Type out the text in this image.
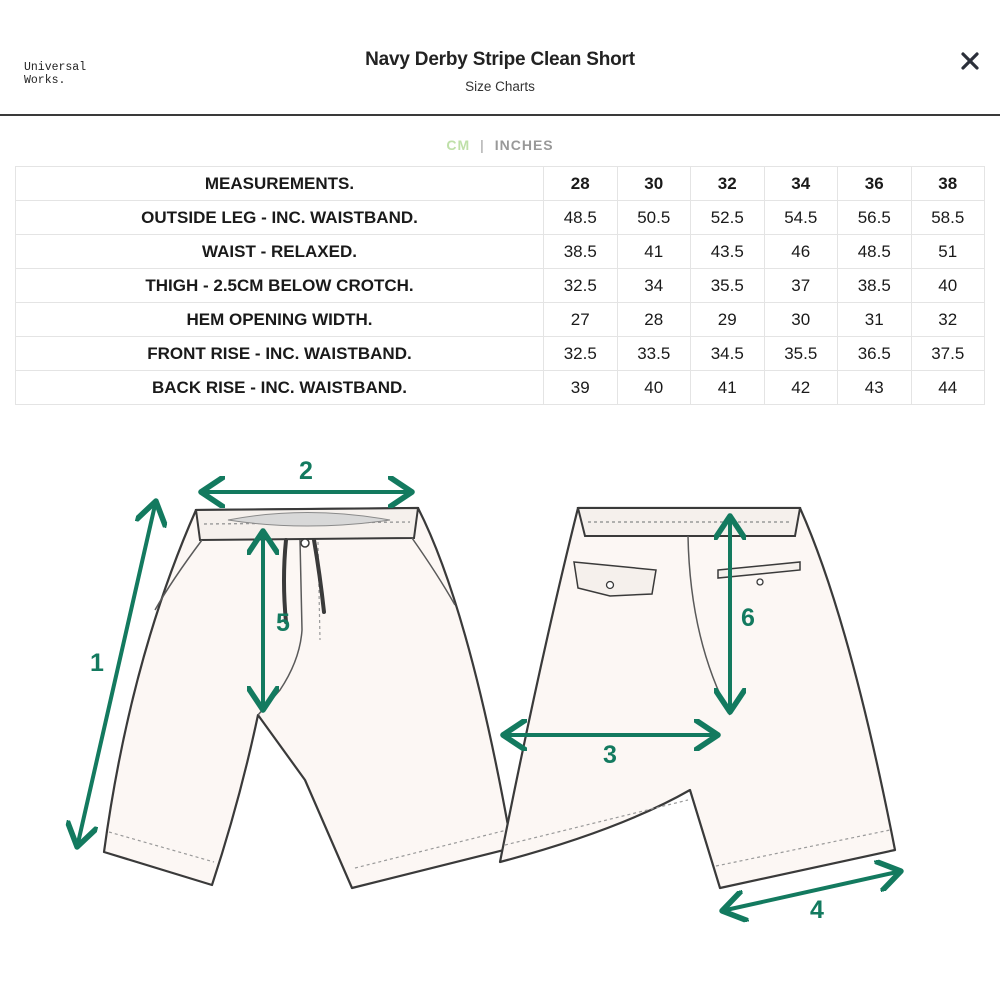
Universal
Works.
Navy Derby Stripe Clean Short
Size Charts
CM | INCHES
MEASUREMENTS.	28	30	32	34	36	38
OUTSIDE LEG - INC. WAISTBAND.	48.5	50.5	52.5	54.5	56.5	58.5
WAIST - RELAXED.	38.5	41	43.5	46	48.5	51
THIGH - 2.5CM BELOW CROTCH.	32.5	34	35.5	37	38.5	40
HEM OPENING WIDTH.	27	28	29	30	31	32
FRONT RISE - INC. WAISTBAND.	32.5	33.5	34.5	35.5	36.5	37.5
BACK RISE - INC. WAISTBAND.	39	40	41	42	43	44
1
2
3
4
5	6
